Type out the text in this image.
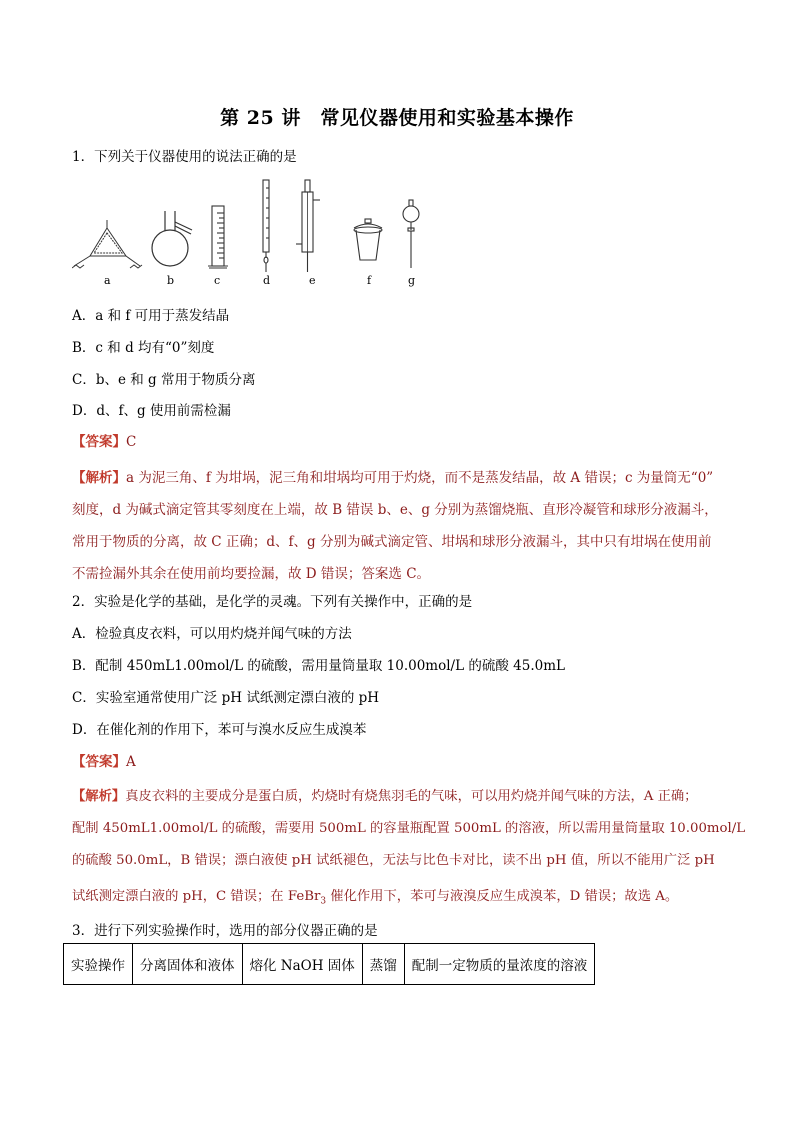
第 25 讲　常见仪器使用和实验基本操作
1．下列关于仪器使用的说法正确的是
a	b	c	d	e	f	g
A．a 和 f 可用于蒸发结晶
B．c 和 d 均有“0”刻度
C．b、e 和 g 常用于物质分离
D．d、f、g 使用前需检漏
【答案】C

【解析】a 为泥三角、f 为坩埚，泥三角和坩埚均可用于灼烧，而不是蒸发结晶，故 A 错误；c 为量筒无“0”

刻度，d 为碱式滴定管其零刻度在上端，故 B 错误 b、e、g 分别为蒸馏烧瓶、直形冷凝管和球形分液漏斗，

常用于物质的分离，故 C 正确；d、f、g 分别为碱式滴定管、坩埚和球形分液漏斗，其中只有坩埚在使用前

不需捡漏外其余在使用前均要捡漏，故 D 错误；答案选 C。

2．实验是化学的基础，是化学的灵魂。下列有关操作中，正确的是
A．检验真皮衣料，可以用灼烧并闻气味的方法
B．配制 450mL1.00mol/L 的硫酸，需用量筒量取 10.00mol/L 的硫酸 45.0mL
C．实验室通常使用广泛 pH 试纸测定漂白液的 pH
D．在催化剂的作用下，苯可与溴水反应生成溴苯
【答案】A

【解析】真皮衣料的主要成分是蛋白质，灼烧时有烧焦羽毛的气味，可以用灼烧并闻气味的方法，A 正确；

配制 450mL1.00mol/L 的硫酸，需要用 500mL 的容量瓶配置 500mL 的溶液，所以需用量筒量取 10.00mol/L

的硫酸 50.0mL，B 错误；漂白液使 pH 试纸褪色，无法与比色卡对比，读不出 pH 值，所以不能用广泛 pH

试纸测定漂白液的 pH，C 错误；在 FeBr$_3$ 催化作用下，苯可与液溴反应生成溴苯，D 错误；故选 A。

3．进行下列实验操作时，选用的部分仪器正确的是
实验操作	分离固体和液体	熔化 NaOH 固体	蒸馏	配制一定物质的量浓度的溶液
